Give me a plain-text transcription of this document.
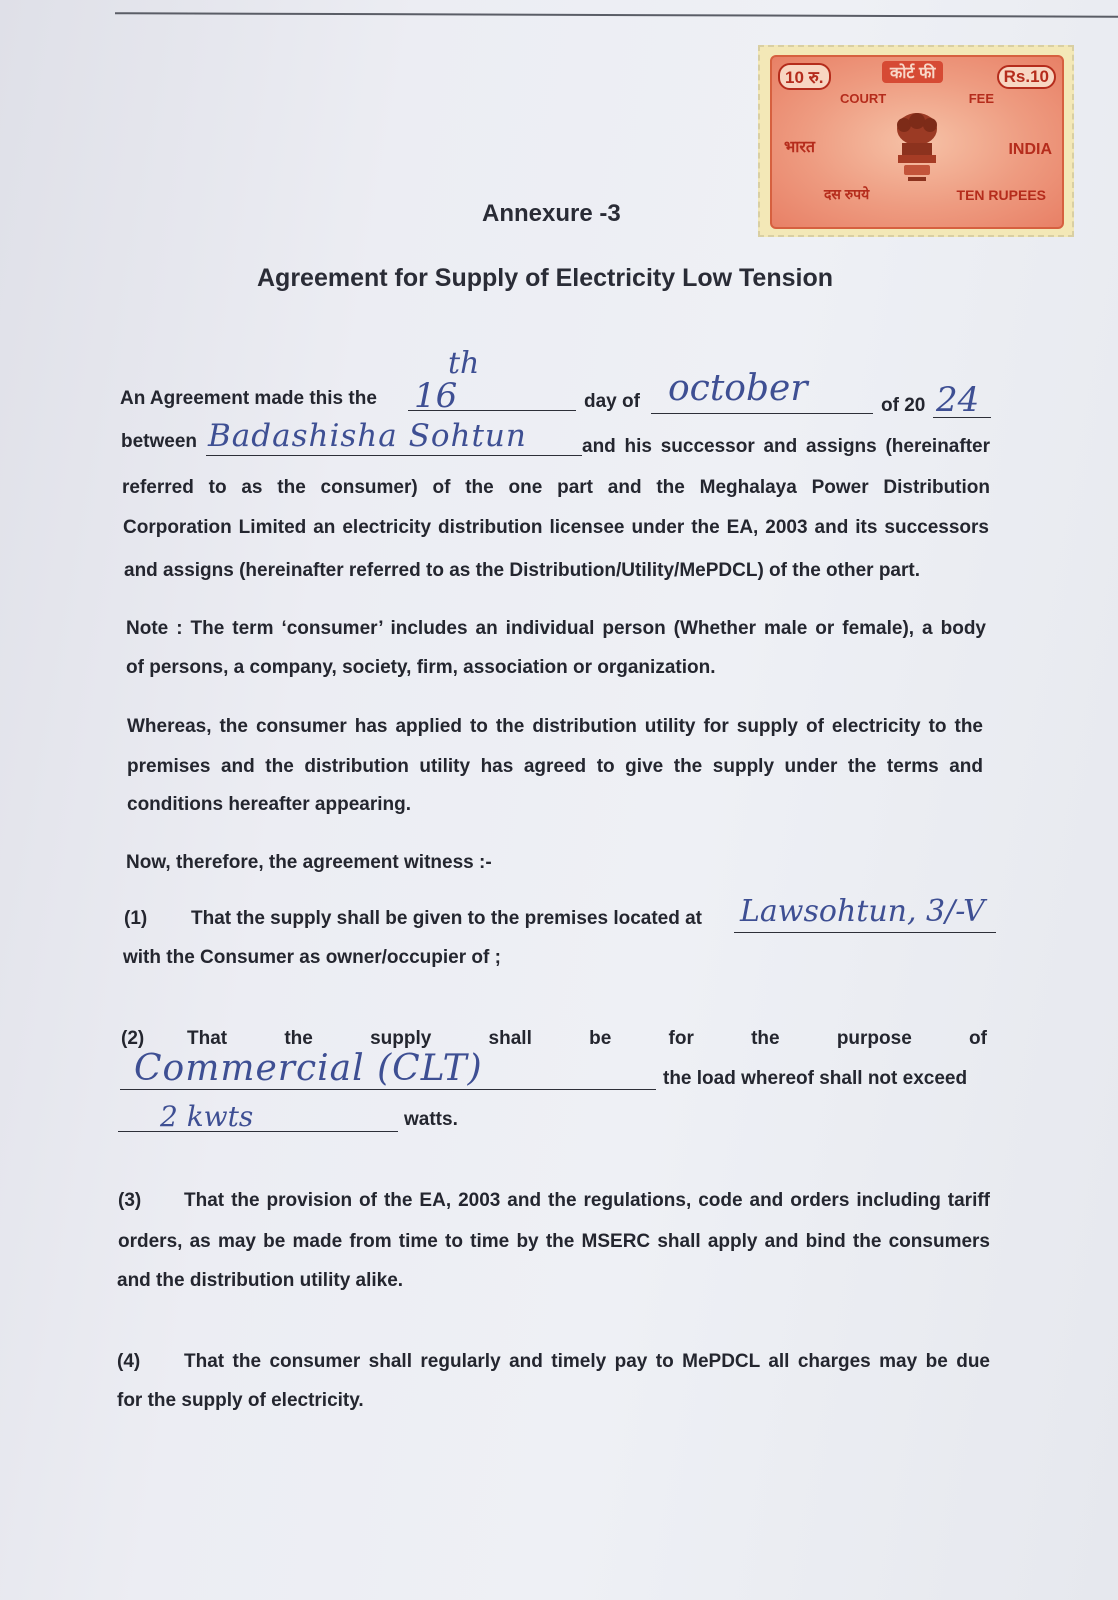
10 रु.	कोर्ट फी	Rs.10
COURT	FEE
भारत	INDIA
दस रुपये	TEN RUPEES
Annexure -3
Agreement for Supply of Electricity Low Tension
An Agreement made this the 16
th
day of october	of 20 24
between Badashisha Sohtun	and his successor and assigns (hereinafter
referred to as the consumer) of the one part and the Meghalaya Power Distribution
Corporation Limited an electricity distribution licensee under the EA, 2003 and its successors
and assigns (hereinafter referred to as the Distribution/Utility/MePDCL) of the other part.
Note : The term ‘consumer’ includes an individual person (Whether male or female), a body
of persons, a company, society, firm, association or organization.
Whereas, the consumer has applied to the distribution utility for supply of electricity to the
premises and the distribution utility has agreed to give the supply under the terms and
conditions hereafter appearing.
Now, therefore, the agreement witness :-
(1) That the supply shall be given to the premises located at Lawsohtun, 3/-V
with the Consumer as owner/occupier of ;
(2) That	the	supply	shall	be	for	the	purpose	of
Commercial (CLT)	the load whereof shall not exceed
2 kwts	watts.
(3) That the provision of the EA, 2003 and the regulations, code and orders including tariff
orders, as may be made from time to time by the MSERC shall apply and bind the consumers
and the distribution utility alike.
(4) That the consumer shall regularly and timely pay to MePDCL all charges may be due
for the supply of electricity.
